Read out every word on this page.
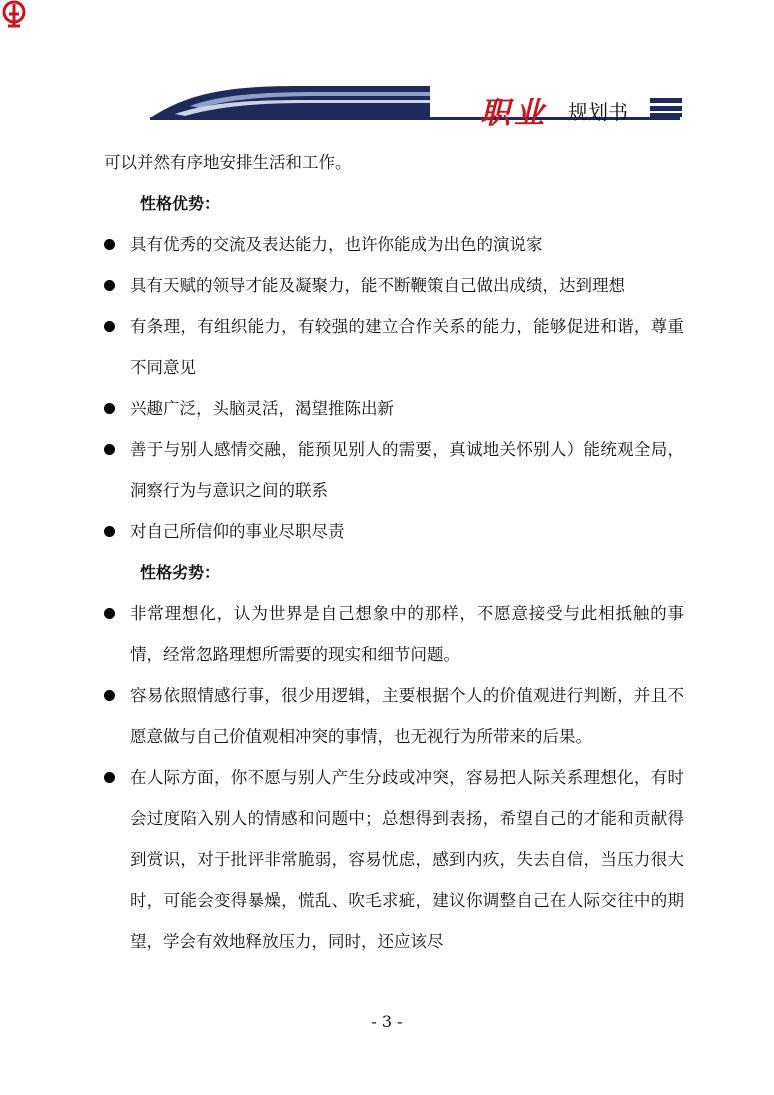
职业 规划书

可以并然有序地安排生活和工作。

性格优势：

具有优秀的交流及表达能力，也许你能成为出色的演说家
具有天赋的领导才能及凝聚力，能不断鞭策自己做出成绩，达到理想
有条理，有组织能力，有较强的建立合作关系的能力，能够促进和谐，尊重不同意见
兴趣广泛，头脑灵活，渴望推陈出新
善于与别人感情交融，能预见别人的需要，真诚地关怀别人）能统观全局，洞察行为与意识之间的联系
对自己所信仰的事业尽职尽责

性格劣势：

非常理想化，认为世界是自己想象中的那样，不愿意接受与此相抵触的事情，经常忽路理想所需要的现实和细节问题。
容易依照情感行事，很少用逻辑，主要根据个人的价值观进行判断，并且不愿意做与自己价值观相冲突的事情，也无视行为所带来的后果。
在人际方面，你不愿与别人产生分歧或冲突，容易把人际关系理想化，有时会过度陷入别人的情感和问题中；总想得到表扬，希望自己的才能和贡献得到赏识，对于批评非常脆弱，容易忧虑，感到内疚，失去自信，当压力很大时，可能会变得暴燥，慌乱、吹毛求疵，建议你调整自己在人际交往中的期望，学会有效地释放压力，同时，还应该尽
- 3 -
